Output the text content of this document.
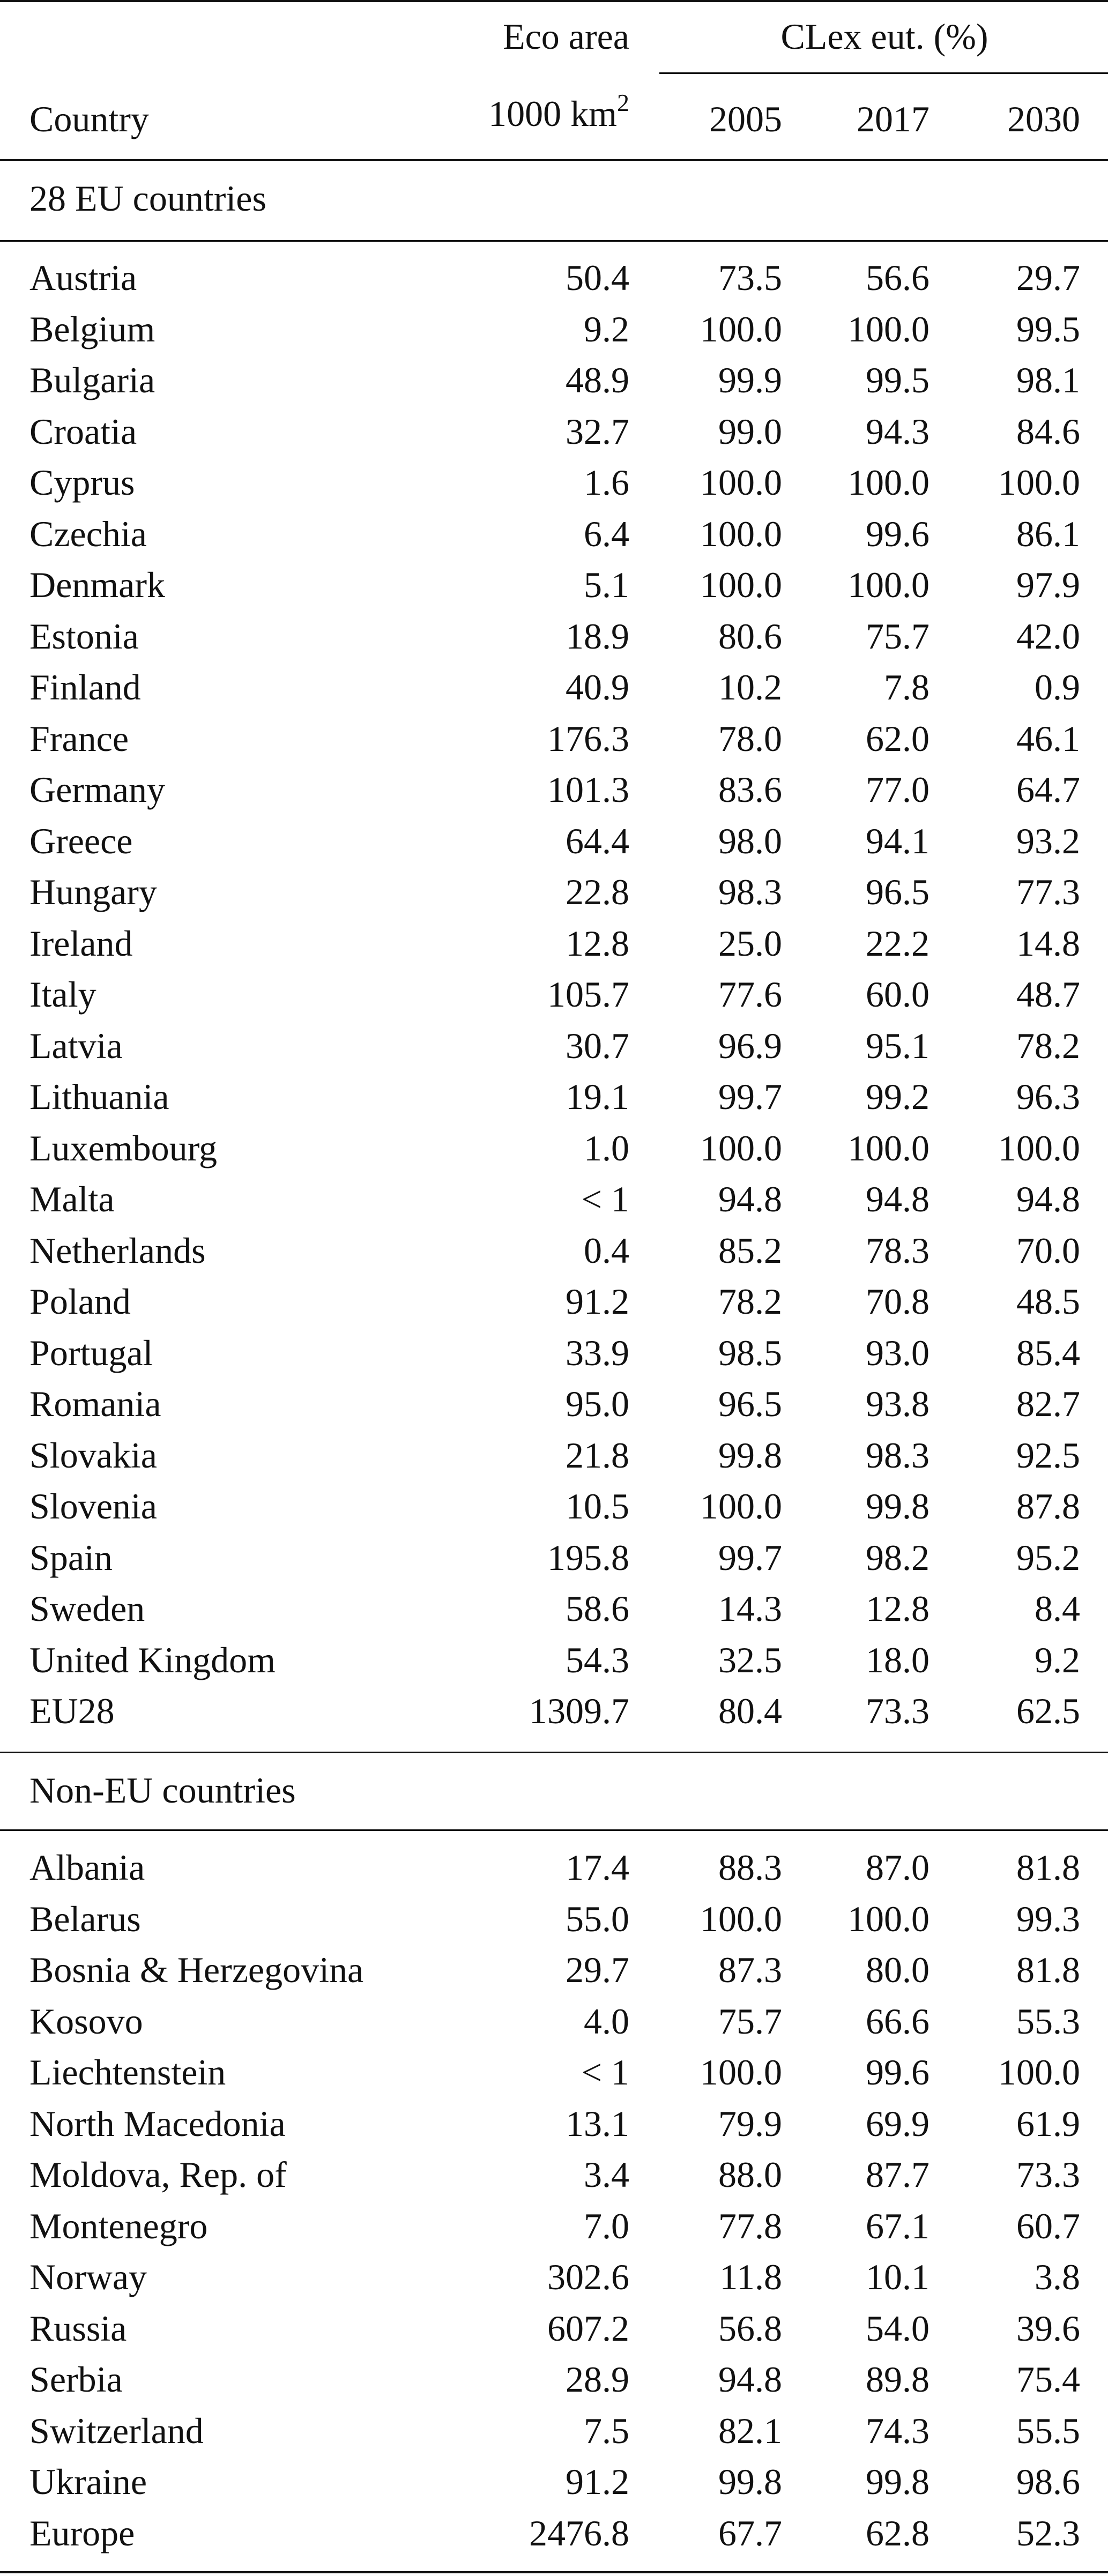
Eco area	CLex eut. (%)
Country	1000 $km^2$ 2005 2017 2030
28 EU countries
Austria	50.4 73.5 56.6 29.7
Belgium	9.2 100.0 100.0 99.5
Bulgaria	48.9 99.9 99.5 98.1
Croatia	32.7 99.0 94.3 84.6
Cyprus	1.6 100.0 100.0 100.0
Czechia	6.4 100.0 99.6 86.1
Denmark	5.1 100.0 100.0 97.9
Estonia	18.9 80.6 75.7 42.0
Finland	40.9 10.2	7.8	0.9
France	176.3 78.0 62.0 46.1
Germany	101.3 83.6 77.0 64.7
Greece	64.4 98.0 94.1 93.2
Hungary	22.8 98.3 96.5 77.3
Ireland	12.8 25.0 22.2 14.8
Italy	105.7 77.6 60.0 48.7
Latvia	30.7 96.9 95.1 78.2
Lithuania	19.1 99.7 99.2 96.3
Luxembourg	1.0 100.0 100.0 100.0
Malta	< 1 94.8 94.8 94.8
Netherlands	0.4 85.2 78.3 70.0
Poland	91.2 78.2 70.8 48.5
Portugal	33.9 98.5 93.0 85.4
Romania	95.0 96.5 93.8 82.7
Slovakia	21.8 99.8 98.3 92.5
Slovenia	10.5 100.0 99.8 87.8
Spain	195.8 99.7 98.2 95.2
Sweden	58.6 14.3 12.8	8.4
United Kingdom	54.3 32.5 18.0	9.2
EU28	1309.7 80.4 73.3 62.5
Non-EU countries
Albania	17.4 88.3 87.0 81.8
Belarus	55.0 100.0 100.0 99.3
Bosnia & Herzegovina	29.7 87.3 80.0 81.8
Kosovo	4.0 75.7 66.6 55.3
Liechtenstein	< 1 100.0 99.6 100.0
North Macedonia	13.1 79.9 69.9 61.9
Moldova, Rep. of	3.4 88.0 87.7 73.3
Montenegro	7.0 77.8 67.1 60.7
Norway	302.6 11.8 10.1	3.8
Russia	607.2 56.8 54.0 39.6
Serbia	28.9 94.8 89.8 75.4
Switzerland	7.5 82.1 74.3 55.5
Ukraine	91.2 99.8 99.8 98.6
Europe	2476.8 67.7 62.8 52.3
